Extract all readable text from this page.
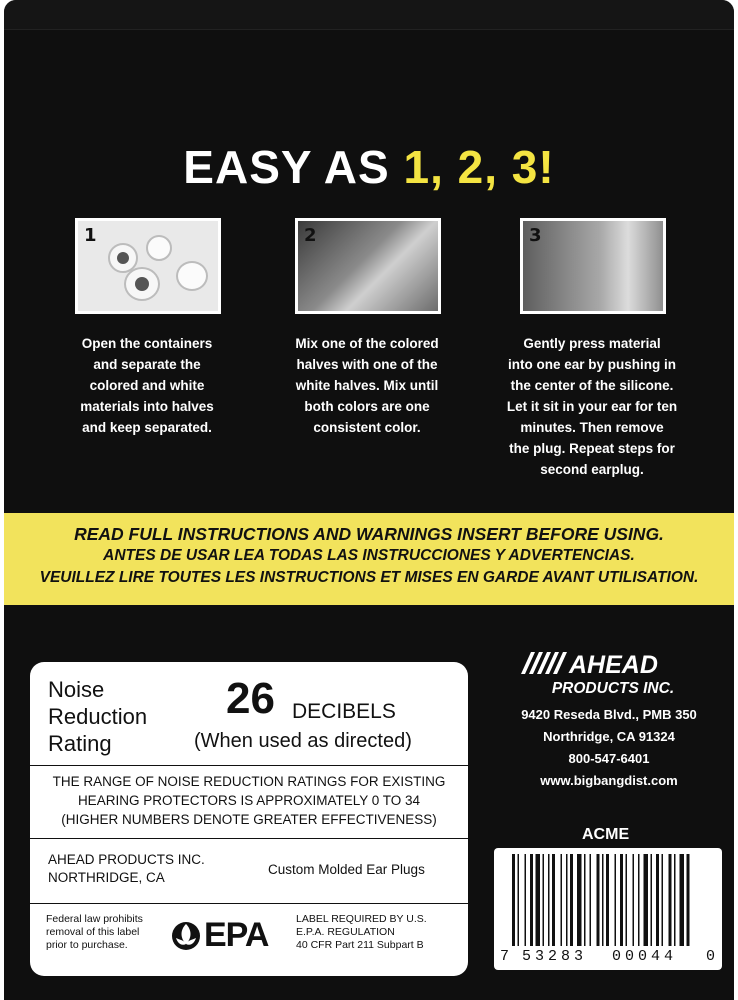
EASY AS 1, 2, 3!
1	2	3
Open the containers
and separate the
colored and white
materials into halves
and keep separated.
Mix one of the colored
halves with one of the
white halves. Mix until
both colors are one
consistent color.
Gently press material
into one ear by pushing in
the center of the silicone.
Let it sit in your ear for ten
minutes. Then remove
the plug. Repeat steps for
second earplug.
READ FULL INSTRUCTIONS AND WARNINGS INSERT BEFORE USING.
ANTES DE USAR LEA TODAS LAS INSTRUCCIONES Y ADVERTENCIAS.
VEUILLEZ LIRE TOUTES LES INSTRUCTIONS ET MISES EN GARDE AVANT UTILISATION.
Noise
Reduction
Rating
26 DECIBELS
(When used as directed)
THE RANGE OF NOISE REDUCTION RATINGS FOR EXISTING
HEARING PROTECTORS IS APPROXIMATELY 0 TO 34
(HIGHER NUMBERS DENOTE GREATER EFFECTIVENESS)
AHEAD PRODUCTS INC.
NORTHRIDGE, CA
Custom Molded Ear Plugs
Federal law prohibits
removal of this label
prior to purchase.	EPA	LABEL REQUIRED BY U.S.
E.P.A. REGULATION
40 CFR Part 211 Subpart B
AHEAD
PRODUCTS INC.
9420 Reseda Blvd., PMB 350
Northridge, CA 91324
800-547-6401
www.bigbangdist.com
ACME
7 53283 00044 0
